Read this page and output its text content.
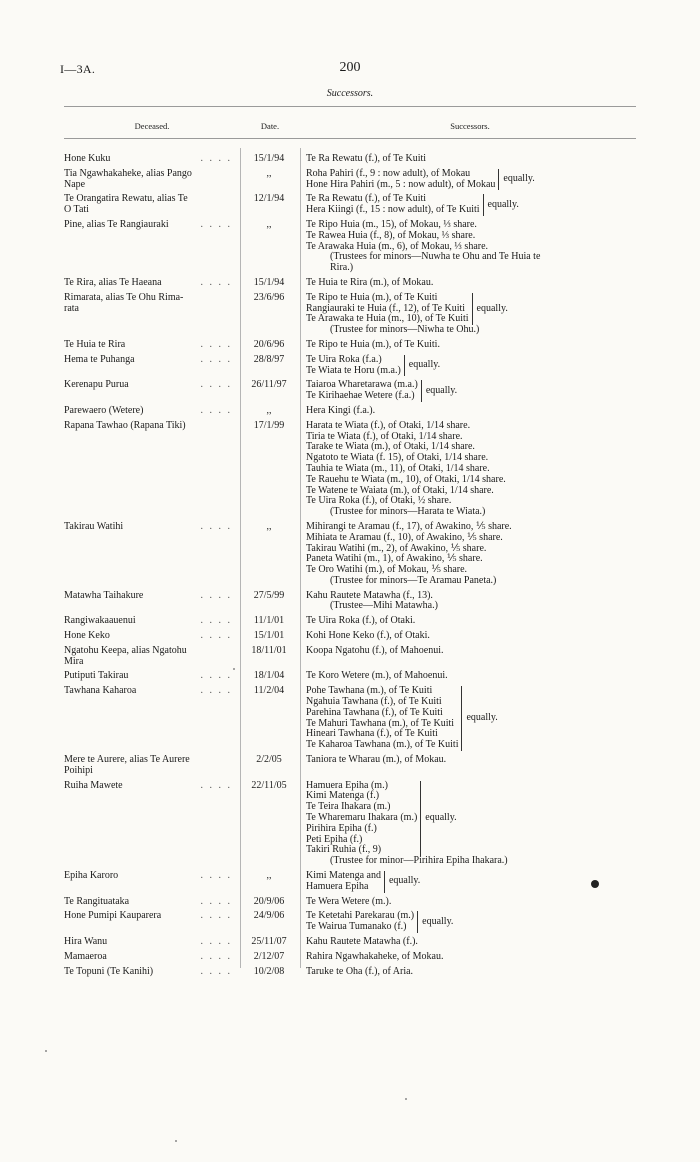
I—3A.	200
Successors.
Deceased.	Date.	Successors.
Hone Kuku	. . . .	15/1/94	Te Ra Rewatu (f.), of Te Kuiti
Tia Ngawhakaheke, alias Pango
Nape
,,	Roha Pahiri (f., 9 : now adult), of Mokau
Hone Hira Pahiri (m., 5 : now adult), of Mokau equally.
Te Orangatira Rewatu, alias Te
O Tati
12/1/94	Te Ra Rewatu (f.), of Te Kuiti
Hera Kiingi (f., 15 : now adult), of Te Kuiti equally.
Pine, alias Te Rangiauraki	. . . .	,,	Te Ripo Huia (m., 15), of Mokau, ⅓ share.
Te Rawea Huia (f., 8), of Mokau, ⅓ share.
Te Arawaka Huia (m., 6), of Mokau, ⅓ share.
(Trustees for minors—Nuwha te Ohu and Te Huia te
Rira.)
Te Rira, alias Te Haeana	. . . .	15/1/94	Te Huia te Rira (m.), of Mokau.
Rimarata, alias Te Ohu Rima-
rata
23/6/96	Te Ripo te Huia (m.), of Te Kuiti
Rangiauraki te Huia (f., 12), of Te Kuiti
Te Arawaka te Huia (m., 10), of Te Kuiti
equally.
(Trustee for minors—Niwha te Ohu.)
Te Huia te Rira	. . . .	20/6/96	Te Ripo te Huia (m.), of Te Kuiti.
Hema te Puhanga	. . . .	28/8/97	Te Uira Roka (f.a.)
Te Wiata te Horu (m.a.) equally.
Kerenapu Purua	. . . .	26/11/97	Taiaroa Wharetarawa (m.a.)
Te Kirihaehae Wetere (f.a.)	equally.
Parewaero (Wetere)	. . . .	,,	Hera Kingi (f.a.).
Rapana Tawhao (Rapana Tiki)	17/1/99	Harata te Wiata (f.), of Otaki, 1/14 share.
Tiria te Wiata (f.), of Otaki, 1/14 share.
Tarake te Wiata (m.), of Otaki, 1/14 share.
Ngatoto te Wiata (f. 15), of Otaki, 1/14 share.
Tauhia te Wiata (m., 11), of Otaki, 1/14 share.
Te Rauehu te Wiata (m., 10), of Otaki, 1/14 share.
Te Watene te Waiata (m.), of Otaki, 1/14 share.
Te Uira Roka (f.), of Otaki, ½ share.
(Trustee for minors—Harata te Wiata.)
Takirau Watihi	. . . .	,,	Mihirangi te Aramau (f., 17), of Awakino, ⅕ share.
Mihiata te Aramau (f., 10), of Awakino, ⅕ share.
Takirau Watihi (m., 2), of Awakino, ⅕ share.
Paneta Watihi (m., 1), of Awakino, ⅕ share.
Te Oro Watihi (m.), of Mokau, ⅕ share.
(Trustee for minors—Te Aramau Paneta.)
Matawha Taihakure	. . . .	27/5/99	Kahu Rautete Matawha (f., 13).
(Trustee—Mihi Matawha.)
Rangiwakaauenui	. . . .	11/1/01	Te Uira Roka (f.), of Otaki.
Hone Keko	. . . .	15/1/01	Kohi Hone Keko (f.), of Otaki.
Ngatohu Keepa, alias Ngatohu
Mira
18/11/01	Koopa Ngatohu (f.), of Mahoenui.
Putiputi Takirau	. . . .	18/1/04	Te Koro Wetere (m.), of Mahoenui.
Tawhana Kaharoa	. . . .	11/2/04	Pohe Tawhana (m.), of Te Kuiti
Ngahuia Tawhana (f.), of Te Kuiti
Parehina Tawhana (f.), of Te Kuiti
Te Mahuri Tawhana (m.), of Te Kuiti
Hineari Tawhana (f.), of Te Kuiti
Te Kaharoa Tawhana (m.), of Te Kuiti
equally.
Mere te Aurere, alias Te Aurere
Poihipi
2/2/05	Taniora te Wharau (m.), of Mokau.
Ruiha Mawete	. . . .	22/11/05	Hamuera Epiha (m.)
Kimi Matenga (f.)
Te Teira Ihakara (m.)
Te Wharemaru Ihakara (m.)
Pirihira Epiha (f.)
Peti Epiha (f.)
Takiri Ruhia (f., 9)
equally.
(Trustee for minor—Pirihira Epiha Ihakara.)
Epiha Karoro	. . . .	,,	Kimi Matenga and
Hamuera Epiha	equally.
Te Rangituataka	. . . .	20/9/06	Te Wera Wetere (m.).
Hone Pumipi Kauparera	. . . .	24/9/06	Te Ketetahi Parekarau (m.)
Te Wairua Tumanako (f.)	equally.
Hira Wanu	. . . .	25/11/07	Kahu Rautete Matawha (f.).
Mamaeroa	. . . .	2/12/07	Rahira Ngawhakaheke, of Mokau.
Te Topuni (Te Kanihi)	. . . .	10/2/08	Taruke te Oha (f.), of Aria.
